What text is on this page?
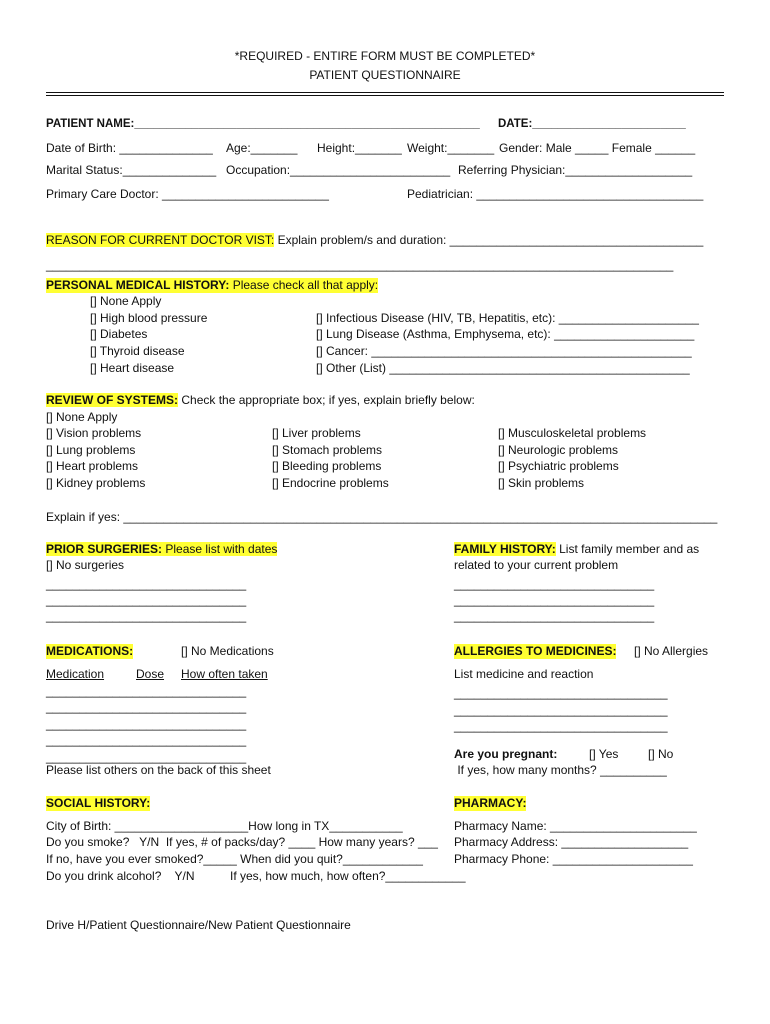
*REQUIRED - ENTIRE FORM MUST BE COMPLETED*
PATIENT QUESTIONNAIRE
PATIENT NAME:______________________________________________________ DATE:________________________
Date of Birth: ______________ Age:_______ Height:_______ Weight:_______ Gender: Male _____ Female ______
Marital Status:______________ Occupation:________________________ Referring Physician:___________________
Primary Care Doctor: _________________________	Pediatrician: __________________________________
REASON FOR CURRENT DOCTOR VIST: Explain problem/s and duration: ______________________________________
______________________________________________________________________________________________
PERSONAL MEDICAL HISTORY: Please check all that apply:
[] None Apply
[] High blood pressure
[] Diabetes
[] Thyroid disease
[] Heart disease
[] Infectious Disease (HIV, TB, Hepatitis, etc): _____________________
[] Lung Disease (Asthma, Emphysema, etc): _____________________
[] Cancer: ________________________________________________
[] Other (List) _____________________________________________
REVIEW OF SYSTEMS: Check the appropriate box; if yes, explain briefly below:
[] None Apply
[] Vision problems
[] Lung problems
[] Heart problems
[] Kidney problems
[] Liver problems
[] Stomach problems
[] Bleeding problems
[] Endocrine problems
[] Musculoskeletal problems
[] Neurologic problems
[] Psychiatric problems
[] Skin problems
Explain if yes: _________________________________________________________________________________________
PRIOR SURGERIES: Please list with dates
[] No surgeries
______________________________
______________________________
______________________________
FAMILY HISTORY: List family member and as
related to your current problem
______________________________
______________________________
______________________________
MEDICATIONS:	[] No Medications
Medication	Dose How often taken
______________________________
______________________________
______________________________
______________________________
______________________________
Please list others on the back of this sheet
ALLERGIES TO MEDICINES: [] No Allergies
List medicine and reaction
________________________________
________________________________
________________________________
Are you pregnant:	[] Yes [] No
If yes, how many months? __________
SOCIAL HISTORY:
City of Birth: ____________________How long in TX___________
Do you smoke?   Y/N  If yes, # of packs/day? ____ How many years? ___
If no, have you ever smoked?_____ When did you quit?____________
Do you drink alcohol?    Y/N	If yes, how much, how often?____________
PHARMACY:
Pharmacy Name: ______________________
Pharmacy Address: ___________________
Pharmacy Phone: _____________________
Drive H/Patient Questionnaire/New Patient Questionnaire
